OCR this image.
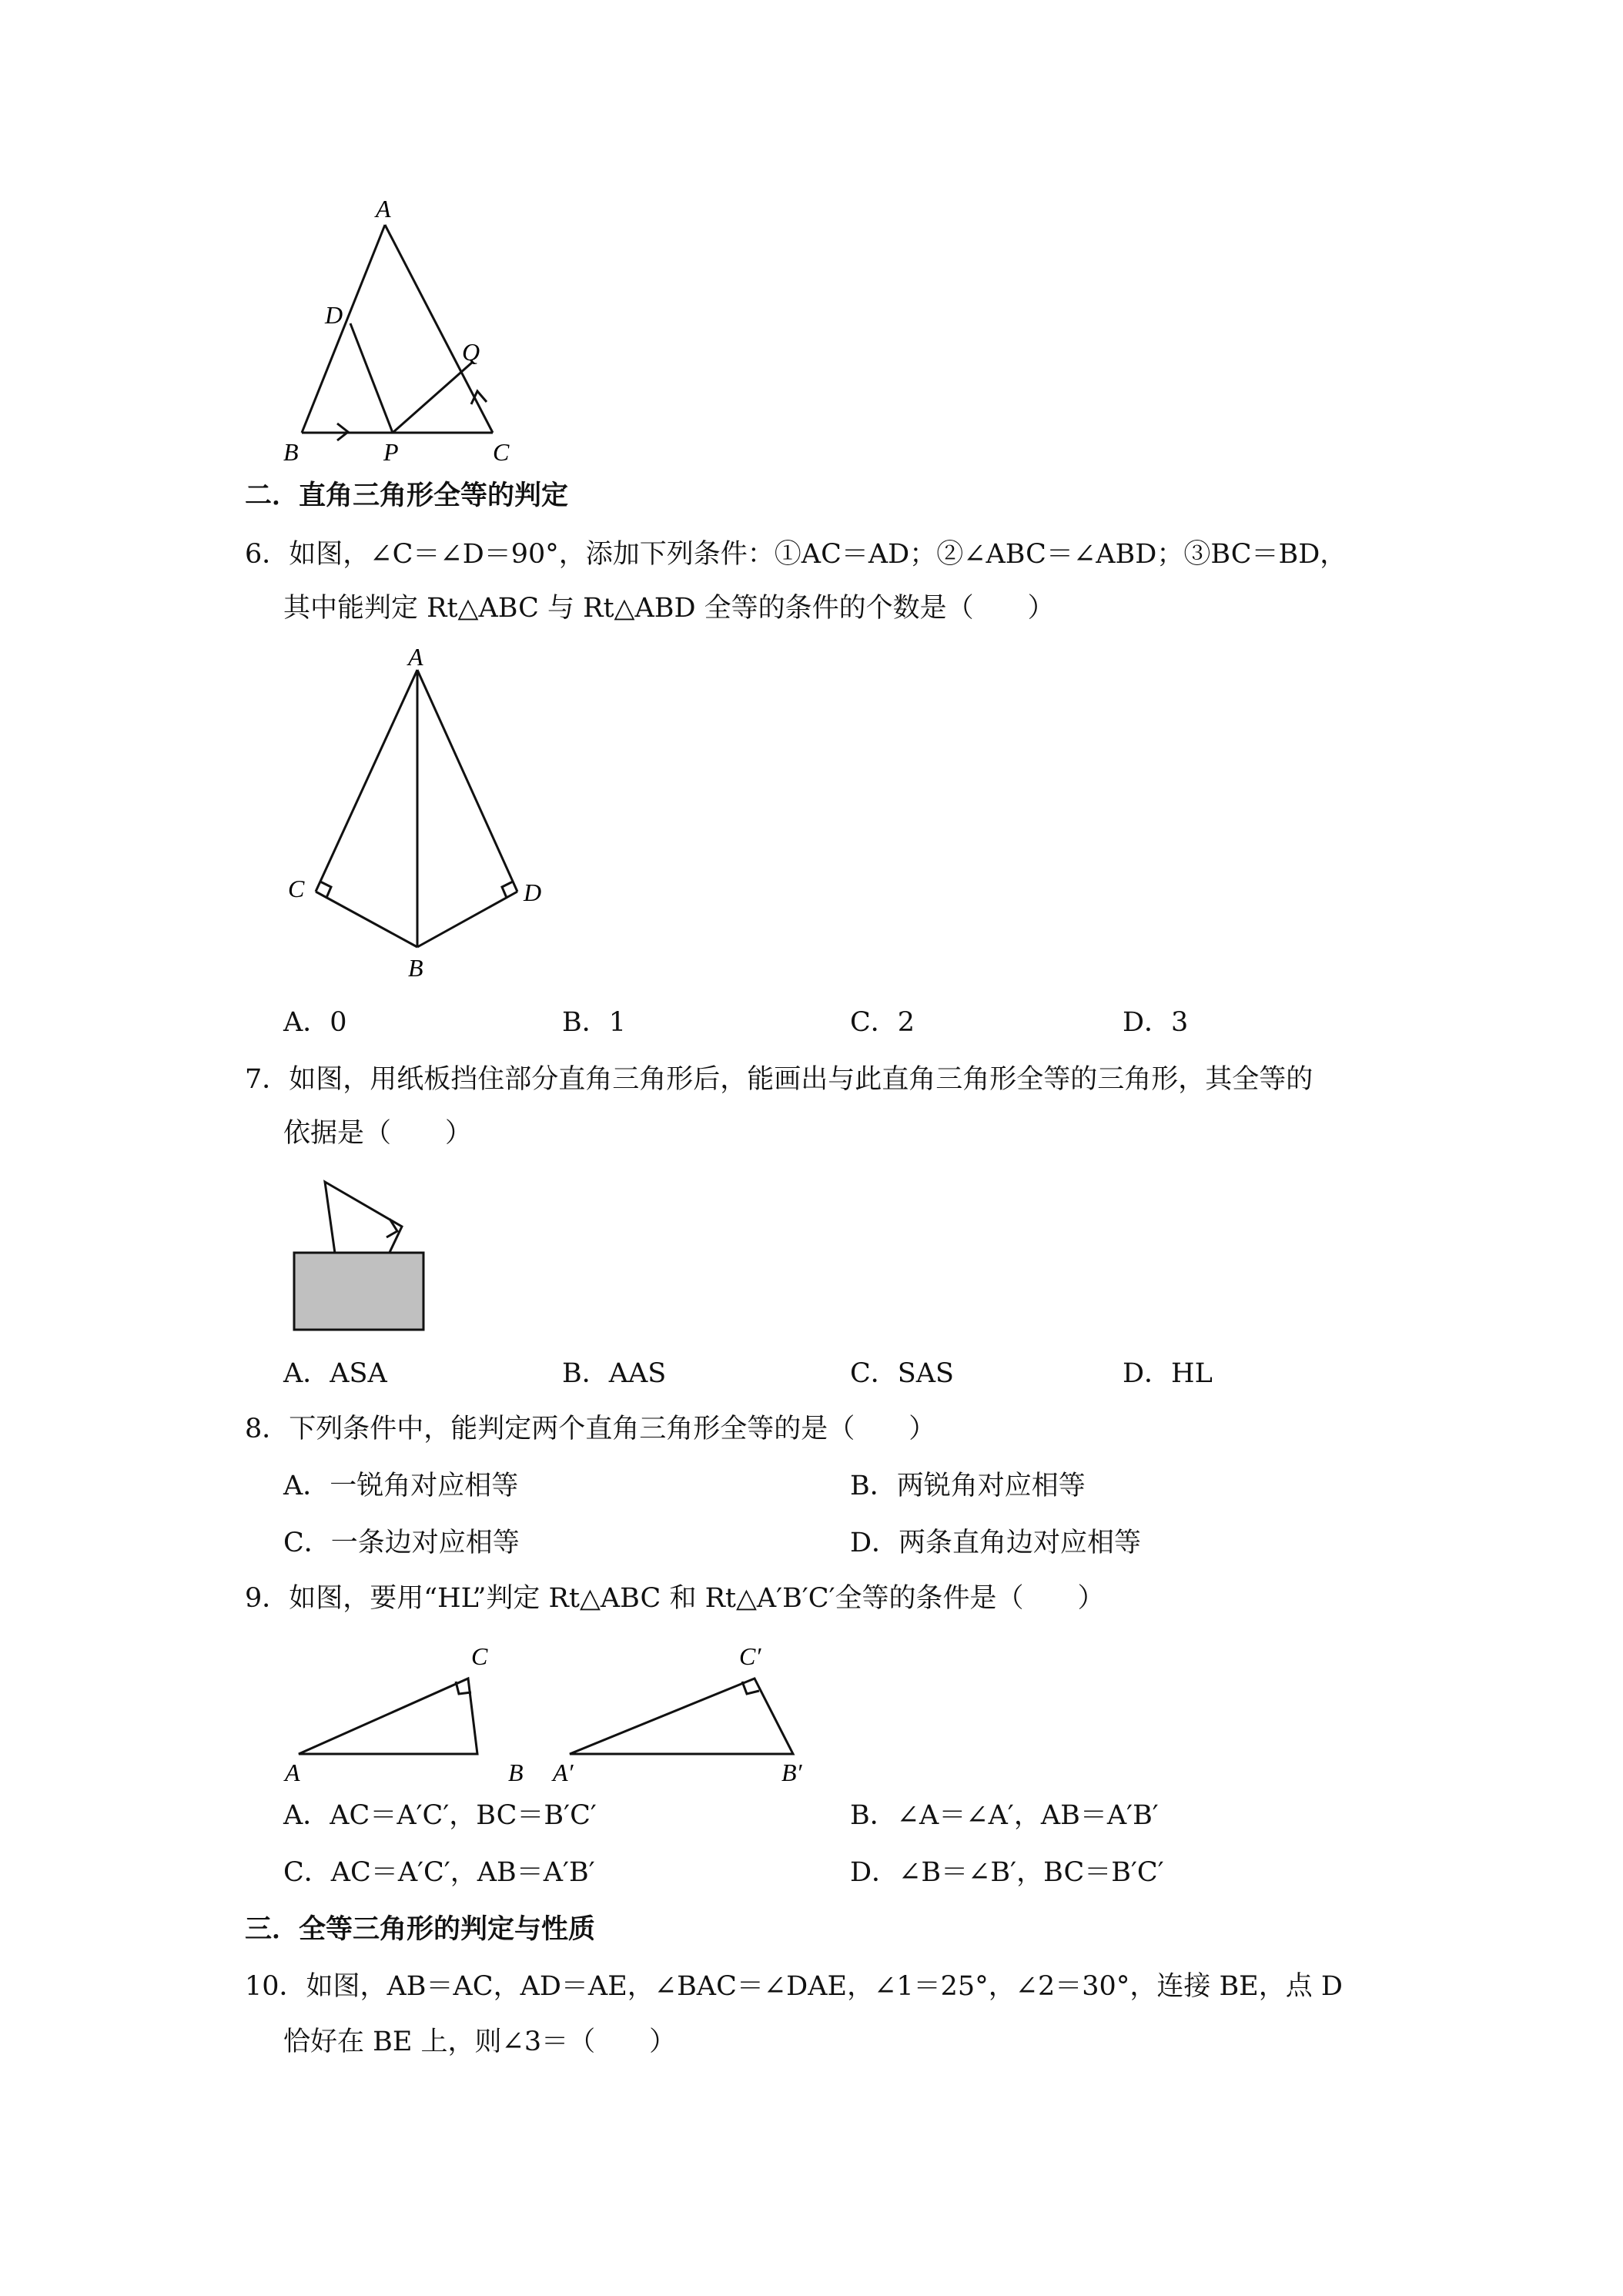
A
D
Q
B	P	C
二．直角三角形全等的判定
6．如图，∠C＝∠D＝90°，添加下列条件：①AC＝AD；②∠ABC＝∠ABD；③BC＝BD，
其中能判定 Rt△ABC 与 Rt△ABD 全等的条件的个数是（　　）
A
C	D
B
A．0	B．1	C．2	D．3
7．如图，用纸板挡住部分直角三角形后，能画出与此直角三角形全等的三角形，其全等的
依据是（　　）
A．ASA	B．AAS	C．SAS	D．HL
8．下列条件中，能判定两个直角三角形全等的是（　　）
A．一锐角对应相等	B．两锐角对应相等
C．一条边对应相等	D．两条直角边对应相等
9．如图，要用“HL”判定 Rt△ABC 和 Rt△A′B′C′全等的条件是（　　）
A	B
C
A′	B′
C′
A．AC＝A′C′，BC＝B′C′	B．∠A＝∠A′，AB＝A′B′
C．AC＝A′C′，AB＝A′B′	D．∠B＝∠B′，BC＝B′C′
三．全等三角形的判定与性质
10．如图，AB＝AC，AD＝AE，∠BAC＝∠DAE，∠1＝25°，∠2＝30°，连接 BE，点 D
恰好在 BE 上，则∠3＝（　　）
